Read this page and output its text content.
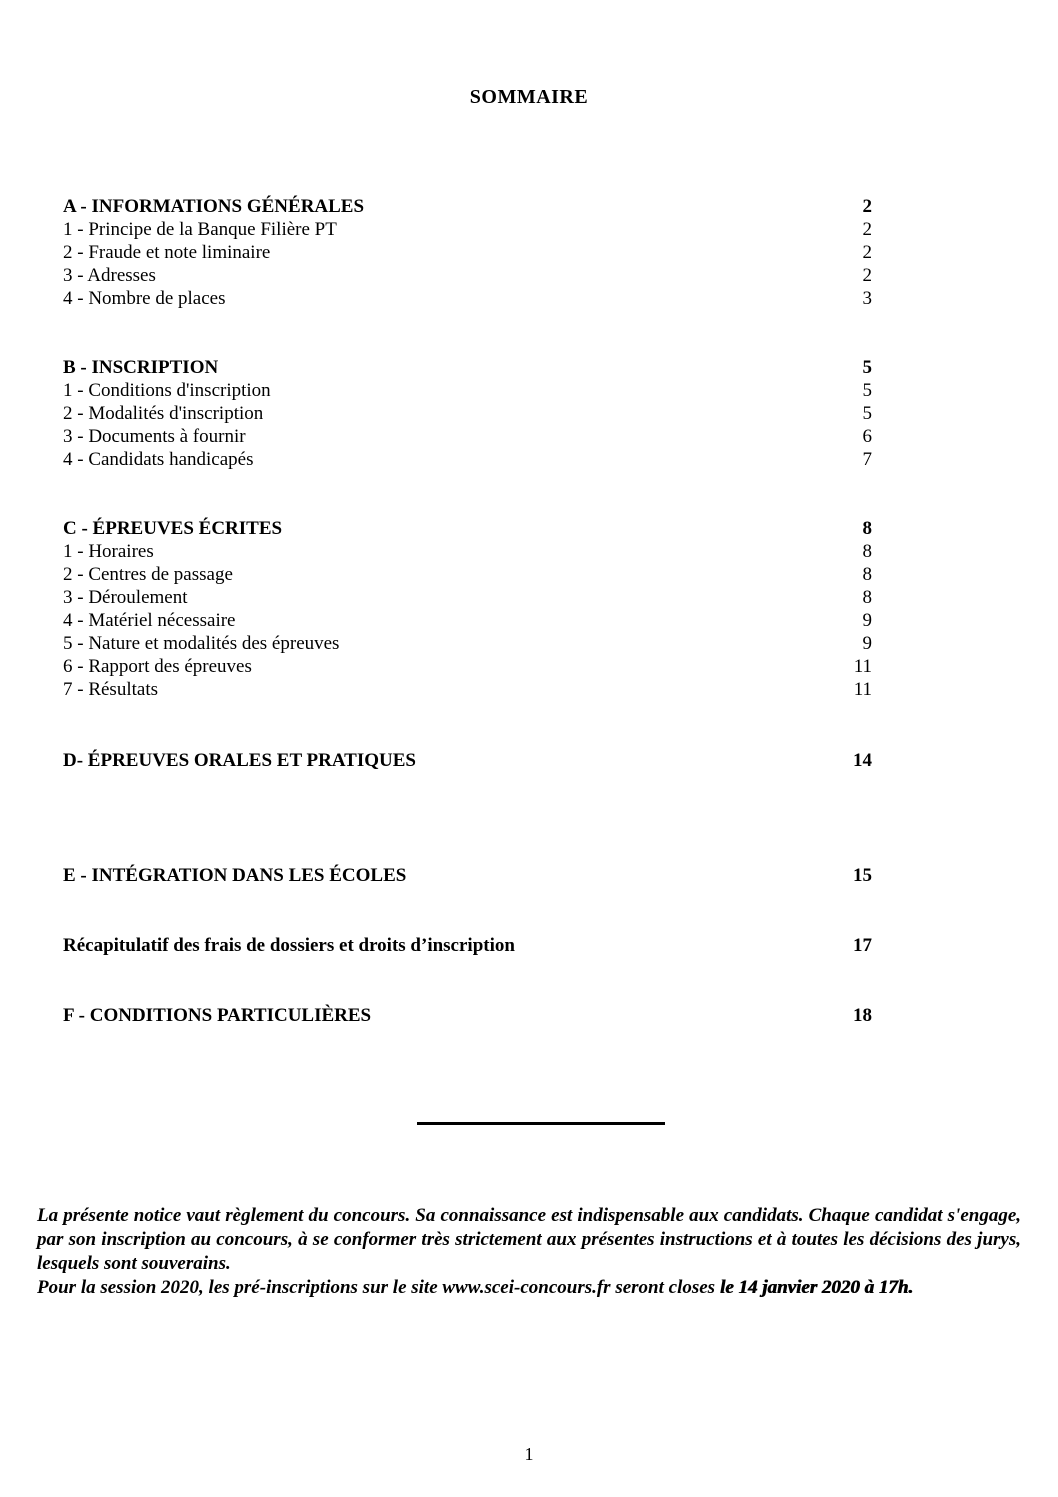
SOMMAIRE
A - INFORMATIONS GÉNÉRALES	2
1 - Principe de la Banque Filière PT	2
2 - Fraude et note liminaire	2
3 - Adresses	2
4 - Nombre de places	3
B - INSCRIPTION	5
1 - Conditions d'inscription	5
2 - Modalités d'inscription	5
3 - Documents à fournir	6
4 - Candidats handicapés	7
C - ÉPREUVES ÉCRITES	8
1 - Horaires	8
2 - Centres de passage	8
3 - Déroulement	8
4 - Matériel nécessaire	9
5 - Nature et modalités des épreuves	9
6 - Rapport des épreuves	11
7 - Résultats	11
D- ÉPREUVES ORALES ET PRATIQUES	14
E - INTÉGRATION DANS LES ÉCOLES	15
Récapitulatif des frais de dossiers et droits d’inscription	17
F - CONDITIONS PARTICULIÈRES	18

La présente notice vaut règlement du concours. Sa connaissance est indispensable aux candidats. Chaque candidat s'engage, par son inscription au concours, à se conformer très strictement aux présentes instructions et à toutes les décisions des jurys, lesquels sont souverains.

Pour la session 2020, les pré-inscriptions sur le site www.scei-concours.fr seront closes le 14 janvier 2020 à 17h.

1
